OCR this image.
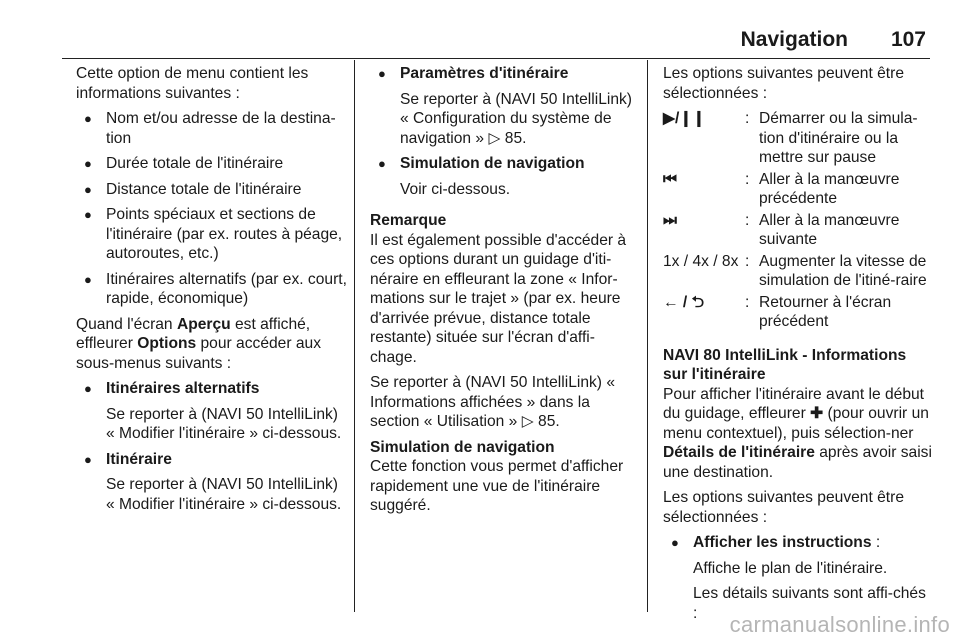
Navigation 107

Cette option de menu contient les informations suivantes :

● Nom et/ou adresse de la destina-tion
● Durée totale de l'itinéraire
● Distance totale de l'itinéraire
● Points spéciaux et sections de l'itinéraire (par ex. routes à péage, autoroutes, etc.)
● Itinéraires alternatifs (par ex. court, rapide, économique)

Quand l'écran Aperçu est affiché, effleurer Options pour accéder aux sous-menus suivants :

● Itinéraires alternatifs
Se reporter à (NAVI 50 IntelliLink) « Modifier l'itinéraire » ci-dessous.
● Itinéraire
Se reporter à (NAVI 50 IntelliLink) « Modifier l'itinéraire » ci-dessous.
● Paramètres d'itinéraire
Se reporter à (NAVI 50 IntelliLink) « Configuration du système de navigation » ▷ 85.
● Simulation de navigation
Voir ci-dessous.

Remarque

Il est également possible d'accéder à ces options durant un guidage d'iti-néraire en effleurant la zone « Infor-mations sur le trajet » (par ex. heure d'arrivée prévue, distance totale restante) située sur l'écran d'affi-chage.

Se reporter à (NAVI 50 IntelliLink) « Informations affichées » dans la section « Utilisation » ▷ 85.

Simulation de navigation

Cette fonction vous permet d'afficher rapidement une vue de l'itinéraire suggéré.

Les options suivantes peuvent être sélectionnées :

▶/❙❙	: Démarrer ou la simula-tion d'itinéraire ou la mettre sur pause
⏮	: Aller à la manœuvre précédente
⏭	: Aller à la manœuvre suivante
1x / 4x / 8x : Augmenter la vitesse de simulation de l'itiné-raire
← / ⮌	: Retourner à l'écran précédent

NAVI 80 IntelliLink - Informations sur l'itinéraire

Pour afficher l'itinéraire avant le début du guidage, effleurer ✚ (pour ouvrir un menu contextuel), puis sélection-ner Détails de l'itinéraire après avoir saisi une destination.

Les options suivantes peuvent être sélectionnées :

● Afficher les instructions :
Affiche le plan de l'itinéraire.
Les détails suivants sont affi-chés :	carmanualsonline.info
